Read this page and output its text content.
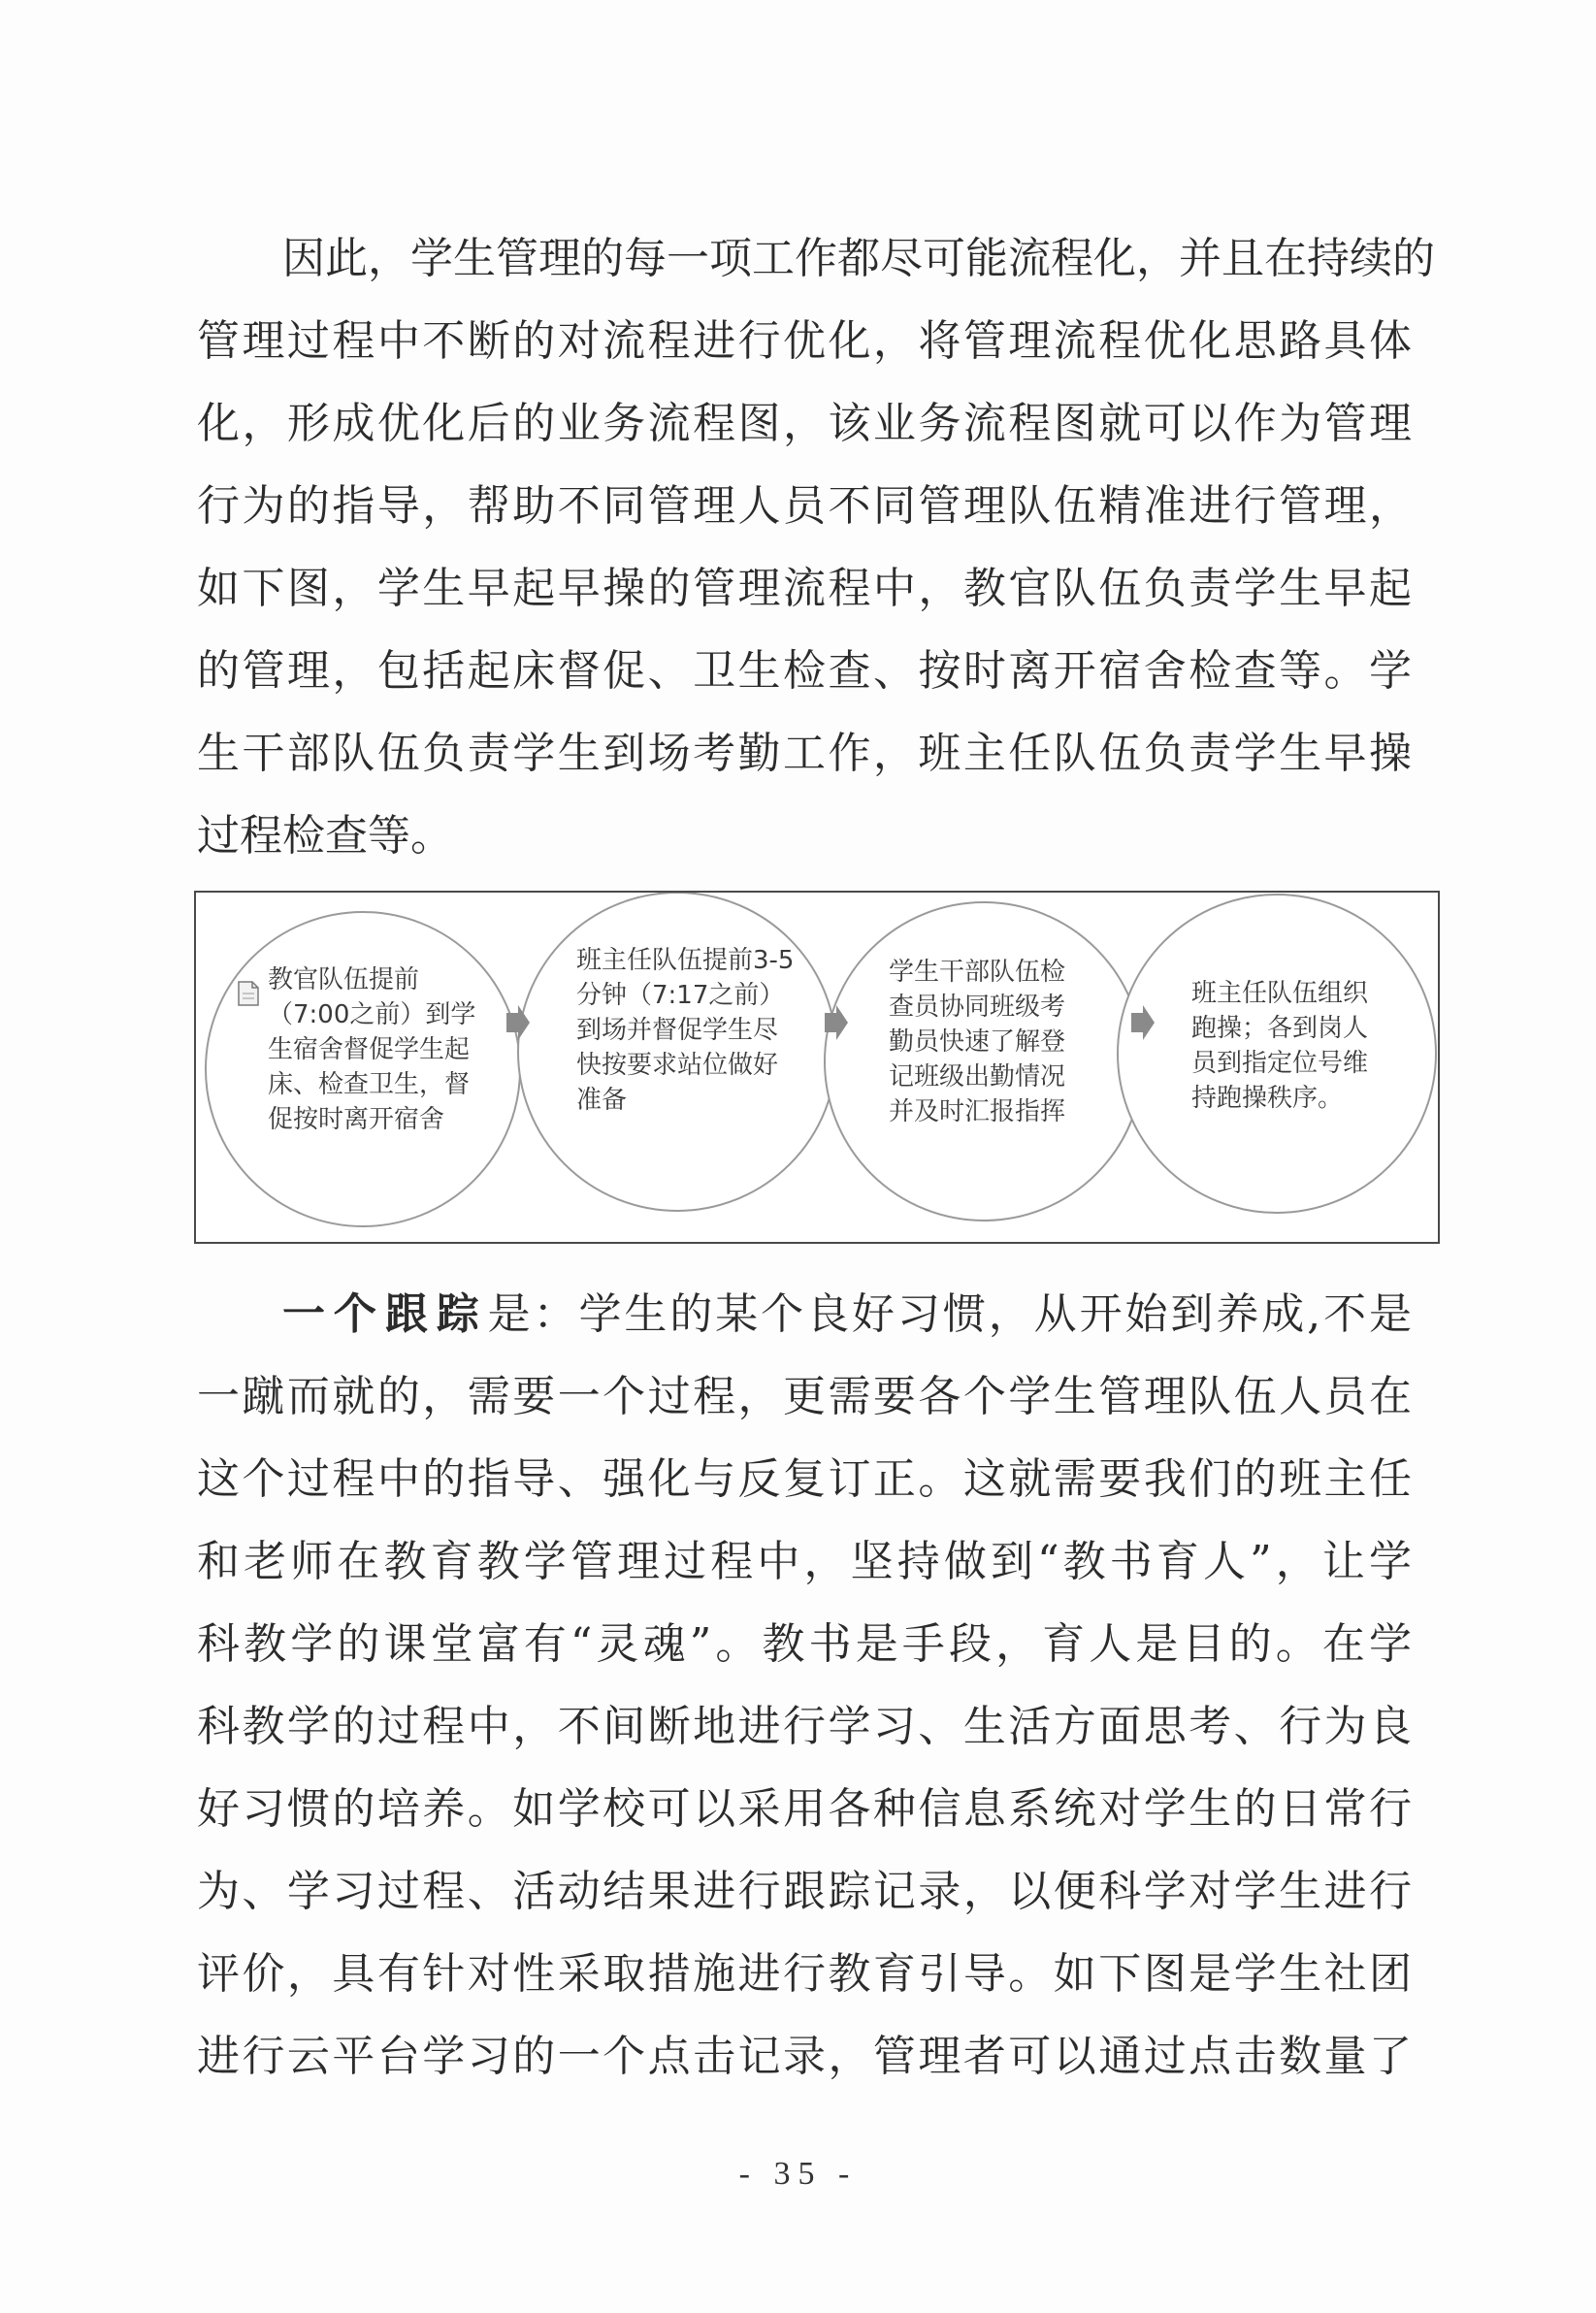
因此，学生管理的每一项工作都尽可能流程化，并且在持续的
管理过程中不断的对流程进行优化，将管理流程优化思路具体
化，形成优化后的业务流程图，该业务流程图就可以作为管理
行为的指导，帮助不同管理人员不同管理队伍精准进行管理，
如下图，学生早起早操的管理流程中，教官队伍负责学生早起
的管理，包括起床督促、卫生检查、按时离开宿舍检查等。学
生干部队伍负责学生到场考勤工作，班主任队伍负责学生早操
过程检查等。
教官队伍提前
（7:00之前）到学
生宿舍督促学生起
床、检查卫生，督
促按时离开宿舍
班主任队伍提前3-5
分钟（7:17之前）
到场并督促学生尽
快按要求站位做好
准备
学生干部队伍检
查员协同班级考
勤员快速了解登
记班级出勤情况
并及时汇报指挥
班主任队伍组织
跑操；各到岗人
员到指定位号维
持跑操秩序。
一个跟踪是：学生的某个良好习惯，从开始到养成,不是
一蹴而就的，需要一个过程，更需要各个学生管理队伍人员在
这个过程中的指导、强化与反复订正。这就需要我们的班主任
和老师在教育教学管理过程中，坚持做到“教书育人”，让学
科教学的课堂富有“灵魂”。教书是手段，育人是目的。在学
科教学的过程中，不间断地进行学习、生活方面思考、行为良
好习惯的培养。如学校可以采用各种信息系统对学生的日常行
为、学习过程、活动结果进行跟踪记录，以便科学对学生进行
评价，具有针对性采取措施进行教育引导。如下图是学生社团
进行云平台学习的一个点击记录，管理者可以通过点击数量了
- 35 -
